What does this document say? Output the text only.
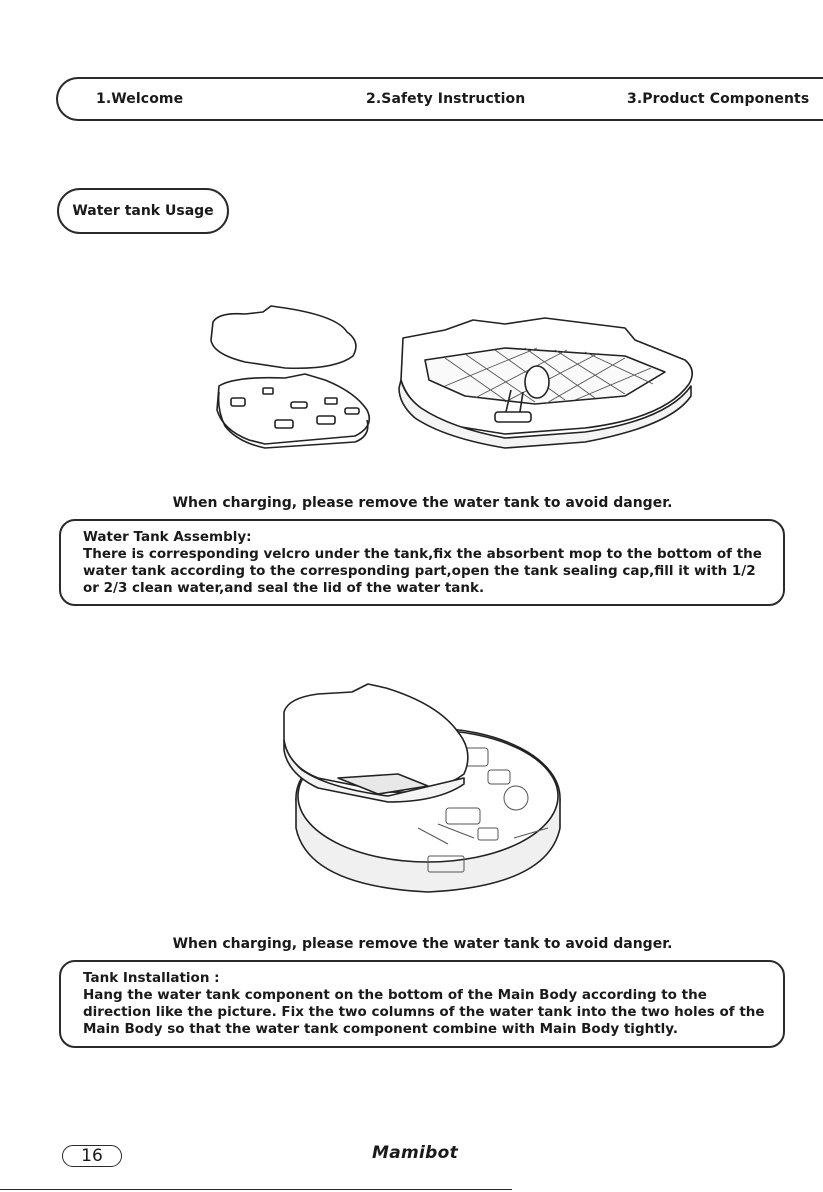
1.Welcome	2.Safety Instruction	3.Product Components
Water tank Usage
When charging, please remove the water tank to avoid danger.
Water Tank Assembly:
There is corresponding velcro under the tank,fix the absorbent mop to the bottom of the water tank according to the corresponding part,open the tank sealing cap,fill it with 1/2 or 2/3 clean water,and seal the lid of the water tank.
When charging, please remove the water tank to avoid danger.
Tank Installation :
Hang the water tank component on the bottom of the Main Body according to the direction like the picture. Fix the two columns of the water tank into the two holes of the Main Body so that the water tank component combine with Main Body tightly.
16	Mamibot
